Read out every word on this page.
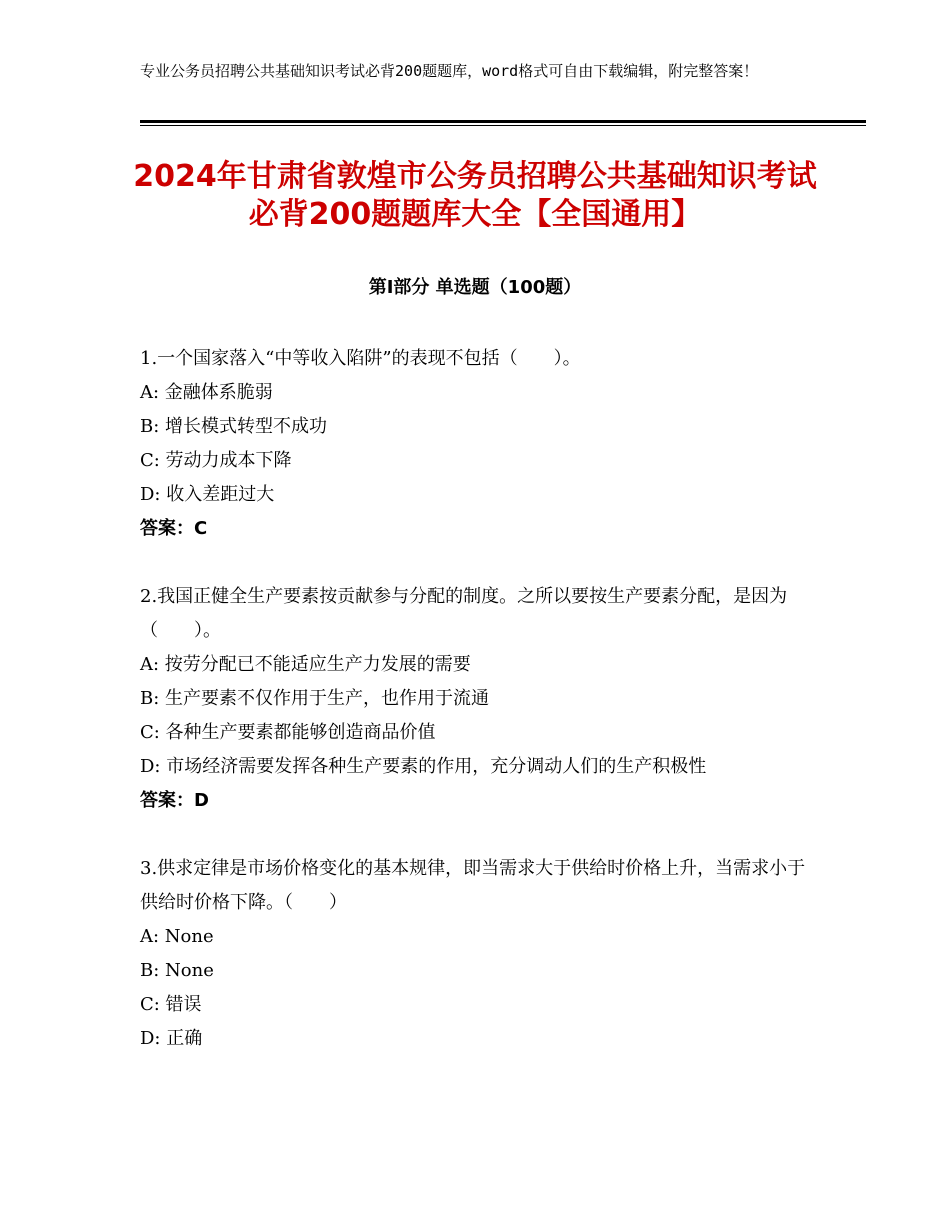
专业公务员招聘公共基础知识考试必背200题题库，word格式可自由下载编辑，附完整答案！
2024年甘肃省敦煌市公务员招聘公共基础知识考试必背200题题库大全【全国通用】
第I部分 单选题（100题）

1.一个国家落入“中等收入陷阱”的表现不包括（　　）。

A: 金融体系脆弱

B: 增长模式转型不成功

C: 劳动力成本下降

D: 收入差距过大

答案：C

2.我国正健全生产要素按贡献参与分配的制度。之所以要按生产要素分配，是因为（　　）。

A: 按劳分配已不能适应生产力发展的需要

B: 生产要素不仅作用于生产，也作用于流通

C: 各种生产要素都能够创造商品价值

D: 市场经济需要发挥各种生产要素的作用，充分调动人们的生产积极性

答案：D

3.供求定律是市场价格变化的基本规律，即当需求大于供给时价格上升，当需求小于供给时价格下降。（　　）

A: None

B: None

C: 错误

D: 正确
